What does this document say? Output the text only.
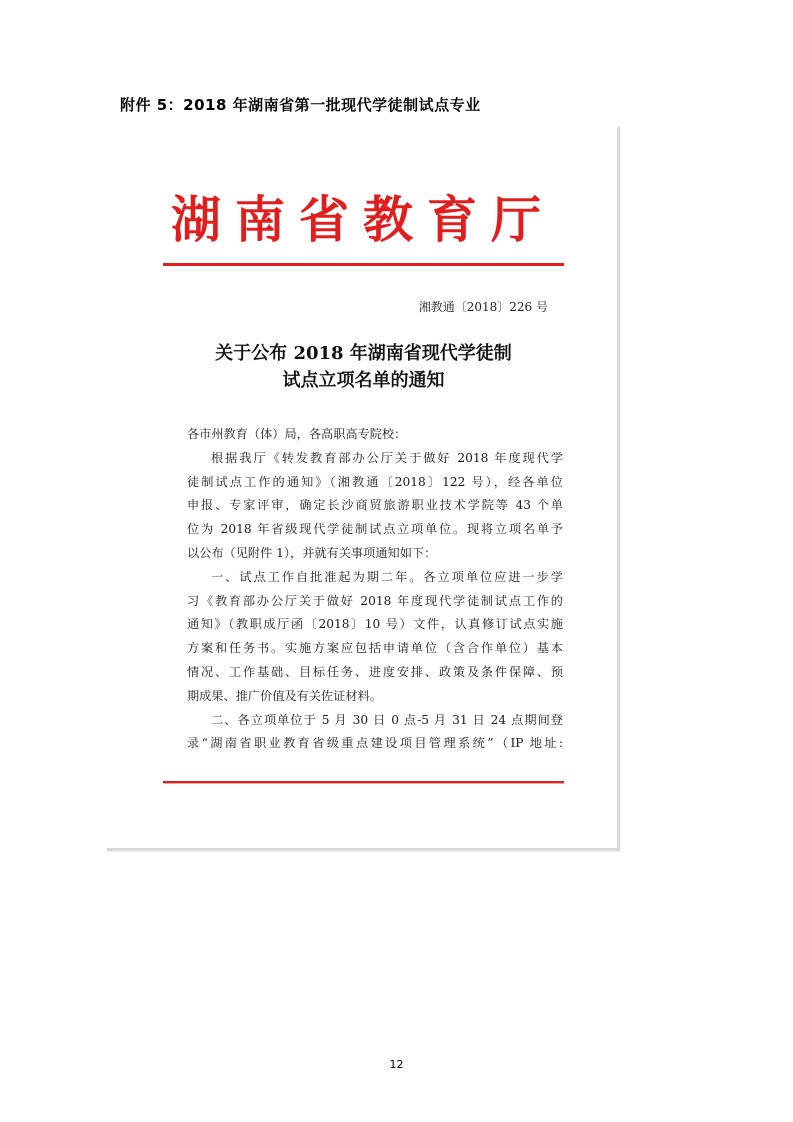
附件 5：2018 年湖南省第一批现代学徒制试点专业
湖南省教育厅
湘教通〔2018〕226 号
关于公布 2018 年湖南省现代学徒制
试点立项名单的通知
各市州教育（体）局，各高职高专院校：
根据我厅《转发教育部办公厅关于做好 2018 年度现代学
徒制试点工作的通知》（湘教通〔2018〕122 号），经各单位
申报、专家评审，确定长沙商贸旅游职业技术学院等 43 个单
位为 2018 年省级现代学徒制试点立项单位。现将立项名单予
以公布（见附件 1），并就有关事项通知如下：
一、试点工作自批准起为期二年。各立项单位应进一步学
习《教育部办公厅关于做好 2018 年度现代学徒制试点工作的
通知》（教职成厅函〔2018〕10 号）文件，认真修订试点实施
方案和任务书。实施方案应包括申请单位（含合作单位）基本
情况、工作基础、目标任务、进度安排、政策及条件保障、预
期成果、推广价值及有关佐证材料。
二、各立项单位于 5 月 30 日 0 点-5 月 31 日 24 点期间登
录“湖南省职业教育省级重点建设项目管理系统”（IP 地址:
12
